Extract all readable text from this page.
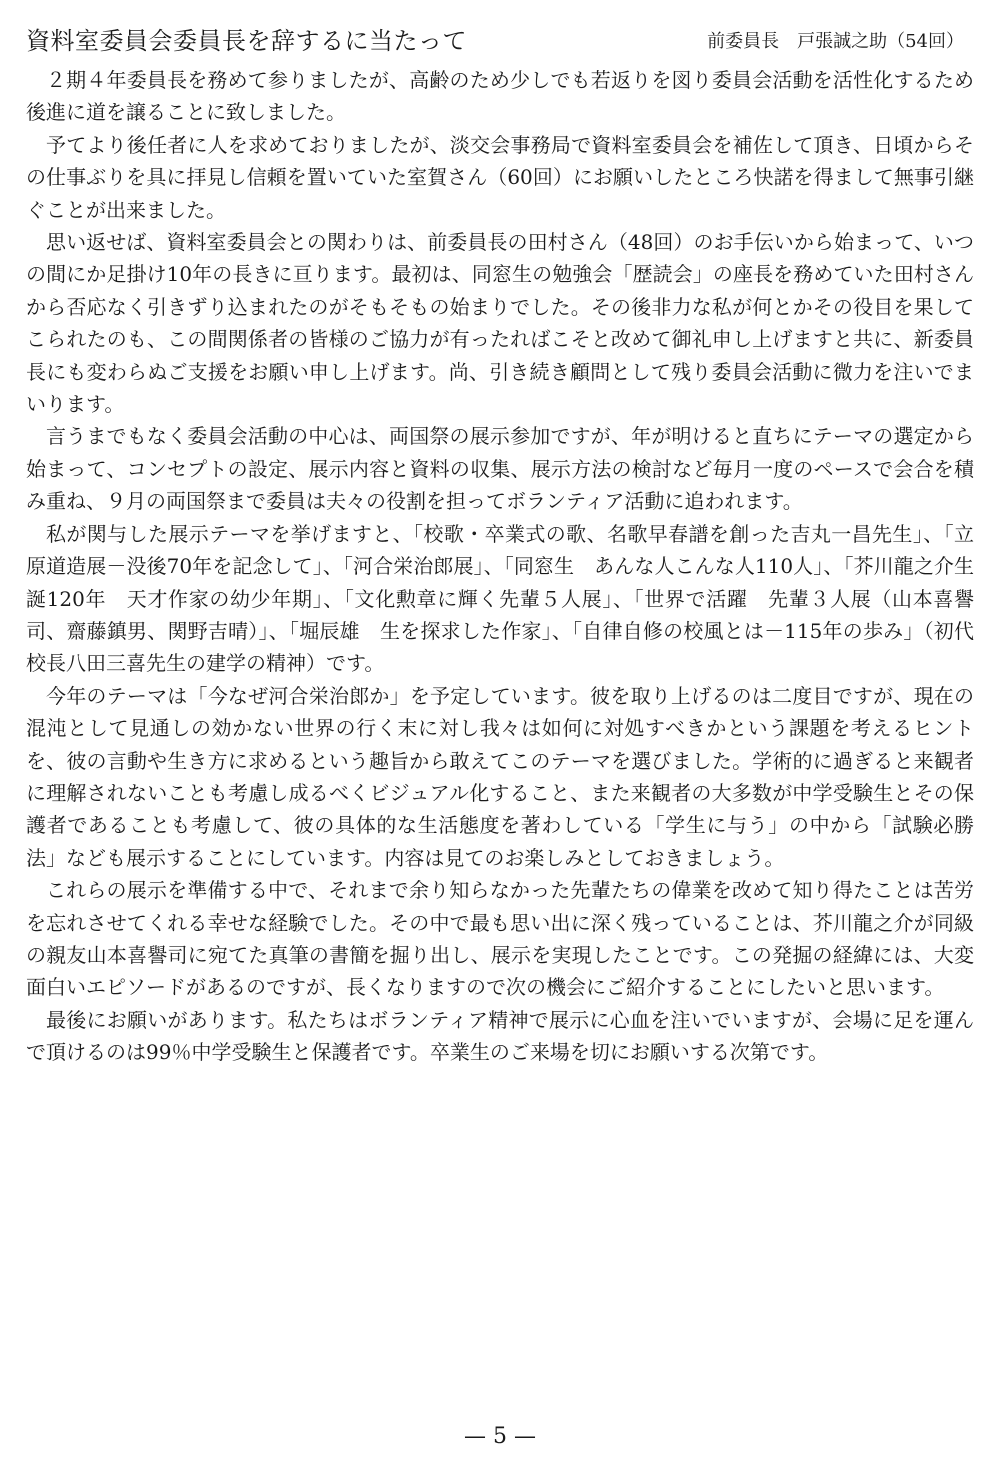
資料室委員会委員長を辞するに当たって	前委員長　戸張誠之助（54回）

２期４年委員長を務めて参りましたが、高齢のため少しでも若返りを図り委員会活動を活性化するため後進に道を譲ることに致しました。

予てより後任者に人を求めておりましたが、淡交会事務局で資料室委員会を補佐して頂き、日頃からその仕事ぶりを具に拝見し信頼を置いていた室賀さん（60回）にお願いしたところ快諾を得まして無事引継ぐことが出来ました。

思い返せば、資料室委員会との関わりは、前委員長の田村さん（48回）のお手伝いから始まって、いつの間にか足掛け10年の長きに亘ります。最初は、同窓生の勉強会「歴読会」の座長を務めていた田村さんから否応なく引きずり込まれたのがそもそもの始まりでした。その後非力な私が何とかその役目を果してこられたのも、この間関係者の皆様のご協力が有ったればこそと改めて御礼申し上げますと共に、新委員長にも変わらぬご支援をお願い申し上げます。尚、引き続き顧問として残り委員会活動に微力を注いでまいります。

言うまでもなく委員会活動の中心は、両国祭の展示参加ですが、年が明けると直ちにテーマの選定から始まって、コンセプトの設定、展示内容と資料の収集、展示方法の検討など毎月一度のペースで会合を積み重ね、９月の両国祭まで委員は夫々の役割を担ってボランティア活動に追われます。

私が関与した展示テーマを挙げますと、「校歌・卒業式の歌、名歌早春譜を創った吉丸一昌先生」、「立原道造展－没後70年を記念して」、「河合栄治郎展」、「同窓生　あんな人こんな人110人」、「芥川龍之介生誕120年　天才作家の幼少年期」、「文化勲章に輝く先輩５人展」、「世界で活躍　先輩３人展（山本喜譽司、齋藤鎮男、関野吉晴）」、「堀辰雄　生を探求した作家」、「自律自修の校風とは－115年の歩み」（初代校長八田三喜先生の建学の精神）です。

今年のテーマは「今なぜ河合栄治郎か」を予定しています。彼を取り上げるのは二度目ですが、現在の混沌として見通しの効かない世界の行く末に対し我々は如何に対処すべきかという課題を考えるヒントを、彼の言動や生き方に求めるという趣旨から敢えてこのテーマを選びました。学術的に過ぎると来観者に理解されないことも考慮し成るべくビジュアル化すること、また来観者の大多数が中学受験生とその保護者であることも考慮して、彼の具体的な生活態度を著わしている「学生に与う」の中から「試験必勝法」なども展示することにしています。内容は見てのお楽しみとしておきましょう。

これらの展示を準備する中で、それまで余り知らなかった先輩たちの偉業を改めて知り得たことは苦労を忘れさせてくれる幸せな経験でした。その中で最も思い出に深く残っていることは、芥川龍之介が同級の親友山本喜譽司に宛てた真筆の書簡を掘り出し、展示を実現したことです。この発掘の経緯には、大変面白いエピソードがあるのですが、長くなりますので次の機会にご紹介することにしたいと思います。

最後にお願いがあります。私たちはボランティア精神で展示に心血を注いでいますが、会場に足を運んで頂けるのは99％中学受験生と保護者です。卒業生のご来場を切にお願いする次第です。

— 5 —
